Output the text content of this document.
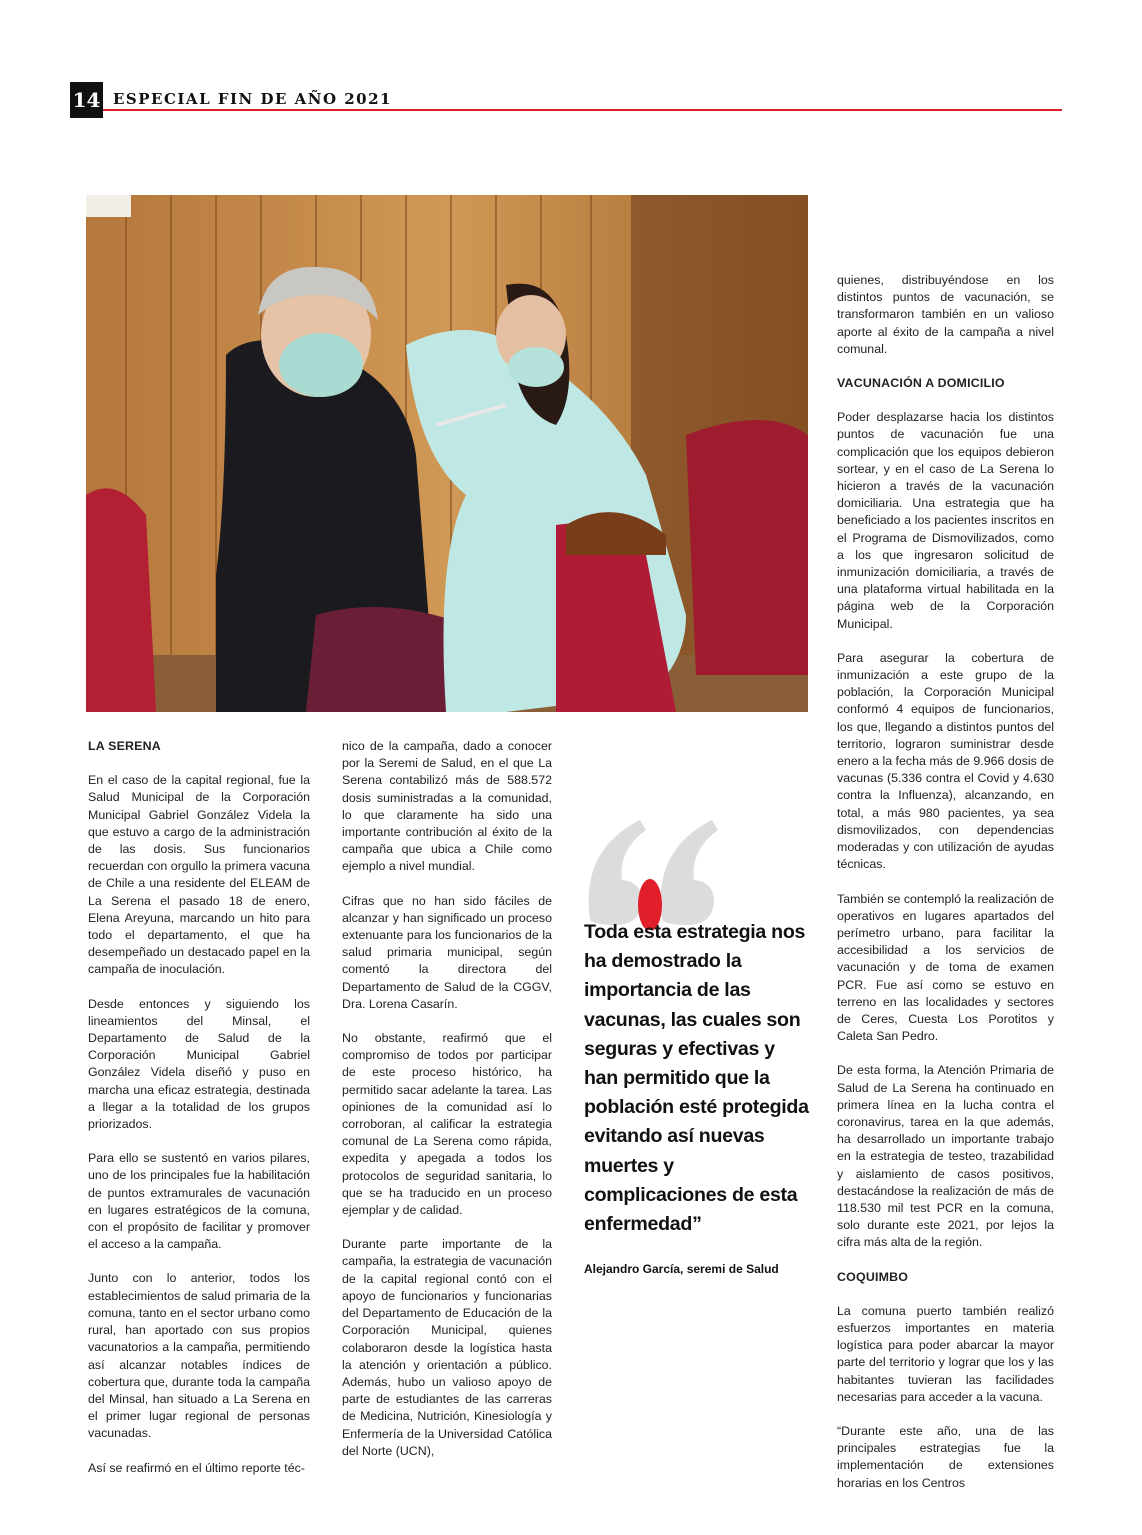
14 ESPECIAL FIN DE AÑO 2021
LA SERENA

En el caso de la capital regional, fue la Salud Municipal de la Corporación Municipal Gabriel González Videla la que estuvo a cargo de la administración de las dosis. Sus funcionarios recuerdan con orgullo la primera vacuna de Chile a una residente del ELEAM de La Serena el pasado 18 de enero, Elena Areyuna, marcando un hito para todo el departamento, el que ha desempeñado un destacado papel en la campaña de inoculación.

Desde entonces y siguiendo los lineamientos del Minsal, el Departamento de Salud de la Corporación Municipal Gabriel González Videla diseñó y puso en marcha una eficaz estrategia, destinada a llegar a la totalidad de los grupos priorizados.

Para ello se sustentó en varios pilares, uno de los principales fue la habilitación de puntos extramurales de vacunación en lugares estratégicos de la comuna, con el propósito de facilitar y promover el acceso a la campaña.

Junto con lo anterior, todos los establecimientos de salud primaria de la comuna, tanto en el sector urbano como rural, han aportado con sus propios vacunatorios a la campaña, permitiendo así alcanzar notables índices de cobertura que, durante toda la campaña del Minsal, han situado a La Serena en el primer lugar regional de personas vacunadas.

Así se reafirmó en el último reporte téc-

nico de la campaña, dado a conocer por la Seremi de Salud, en el que La Serena contabilizó más de 588.572 dosis suministradas a la comunidad, lo que claramente ha sido una importante contribución al éxito de la campaña que ubica a Chile como ejemplo a nivel mundial.

Cifras que no han sido fáciles de alcanzar y han significado un proceso extenuante para los funcionarios de la salud primaria municipal, según comentó la directora del Departamento de Salud de la CGGV, Dra. Lorena Casarín.

No obstante, reafirmó que el compromiso de todos por participar de este proceso histórico, ha permitido sacar adelante la tarea. Las opiniones de la comunidad así lo corroboran, al calificar la estrategia comunal de La Serena como rápida, expedita y apegada a todos los protocolos de seguridad sanitaria, lo que se ha traducido en un proceso ejemplar y de calidad.

Durante parte importante de la campaña, la estrategia de vacunación de la capital regional contó con el apoyo de funcionarios y funcionarias del Departamento de Educación de la Corporación Municipal, quienes colaboraron desde la logística hasta la atención y orientación a público. Además, hubo un valioso apoyo de parte de estudiantes de las carreras de Medicina, Nutrición, Kinesiología y Enfermería de la Universidad Católica del Norte (UCN),

Toda esta estrategia nos ha demostrado la importancia de las vacunas, las cuales son seguras y efectivas y han permitido que la población esté protegida evitando así nuevas muertes y complicaciones de esta enfermedad”
Alejandro García, seremi de Salud

quienes, distribuyéndose en los distintos puntos de vacunación, se transformaron también en un valioso aporte al éxito de la campaña a nivel comunal.

VACUNACIÓN A DOMICILIO

Poder desplazarse hacia los distintos puntos de vacunación fue una complicación que los equipos debieron sortear, y en el caso de La Serena lo hicieron a través de la vacunación domiciliaria. Una estrategia que ha beneficiado a los pacientes inscritos en el Programa de Dismovilizados, como a los que ingresaron solicitud de inmunización domiciliaria, a través de una plataforma virtual habilitada en la página web de la Corporación Municipal.

Para asegurar la cobertura de inmunización a este grupo de la población, la Corporación Municipal conformó 4 equipos de funcionarios, los que, llegando a distintos puntos del territorio, lograron suministrar desde enero a la fecha más de 9.966 dosis de vacunas (5.336 contra el Covid y 4.630 contra la Influenza), alcanzando, en total, a más 980 pacientes, ya sea dismovilizados, con dependencias moderadas y con utilización de ayudas técnicas.

También se contempló la realización de operativos en lugares apartados del perímetro urbano, para facilitar la accesibilidad a los servicios de vacunación y de toma de examen PCR. Fue así como se estuvo en terreno en las localidades y sectores de Ceres, Cuesta Los Porotitos y Caleta San Pedro.

De esta forma, la Atención Primaria de Salud de La Serena ha continuado en primera línea en la lucha contra el coronavirus, tarea en la que además, ha desarrollado un importante trabajo en la estrategia de testeo, trazabilidad y aislamiento de casos positivos, destacándose la realización de más de 118.530 mil test PCR en la comuna, solo durante este 2021, por lejos la cifra más alta de la región.

COQUIMBO

La comuna puerto también realizó esfuerzos importantes en materia logística para poder abarcar la mayor parte del territorio y lograr que los y las habitantes tuvieran las facilidades necesarias para acceder a la vacuna.

“Durante este año, una de las principales estrategias fue la implementación de extensiones horarias en los Centros
